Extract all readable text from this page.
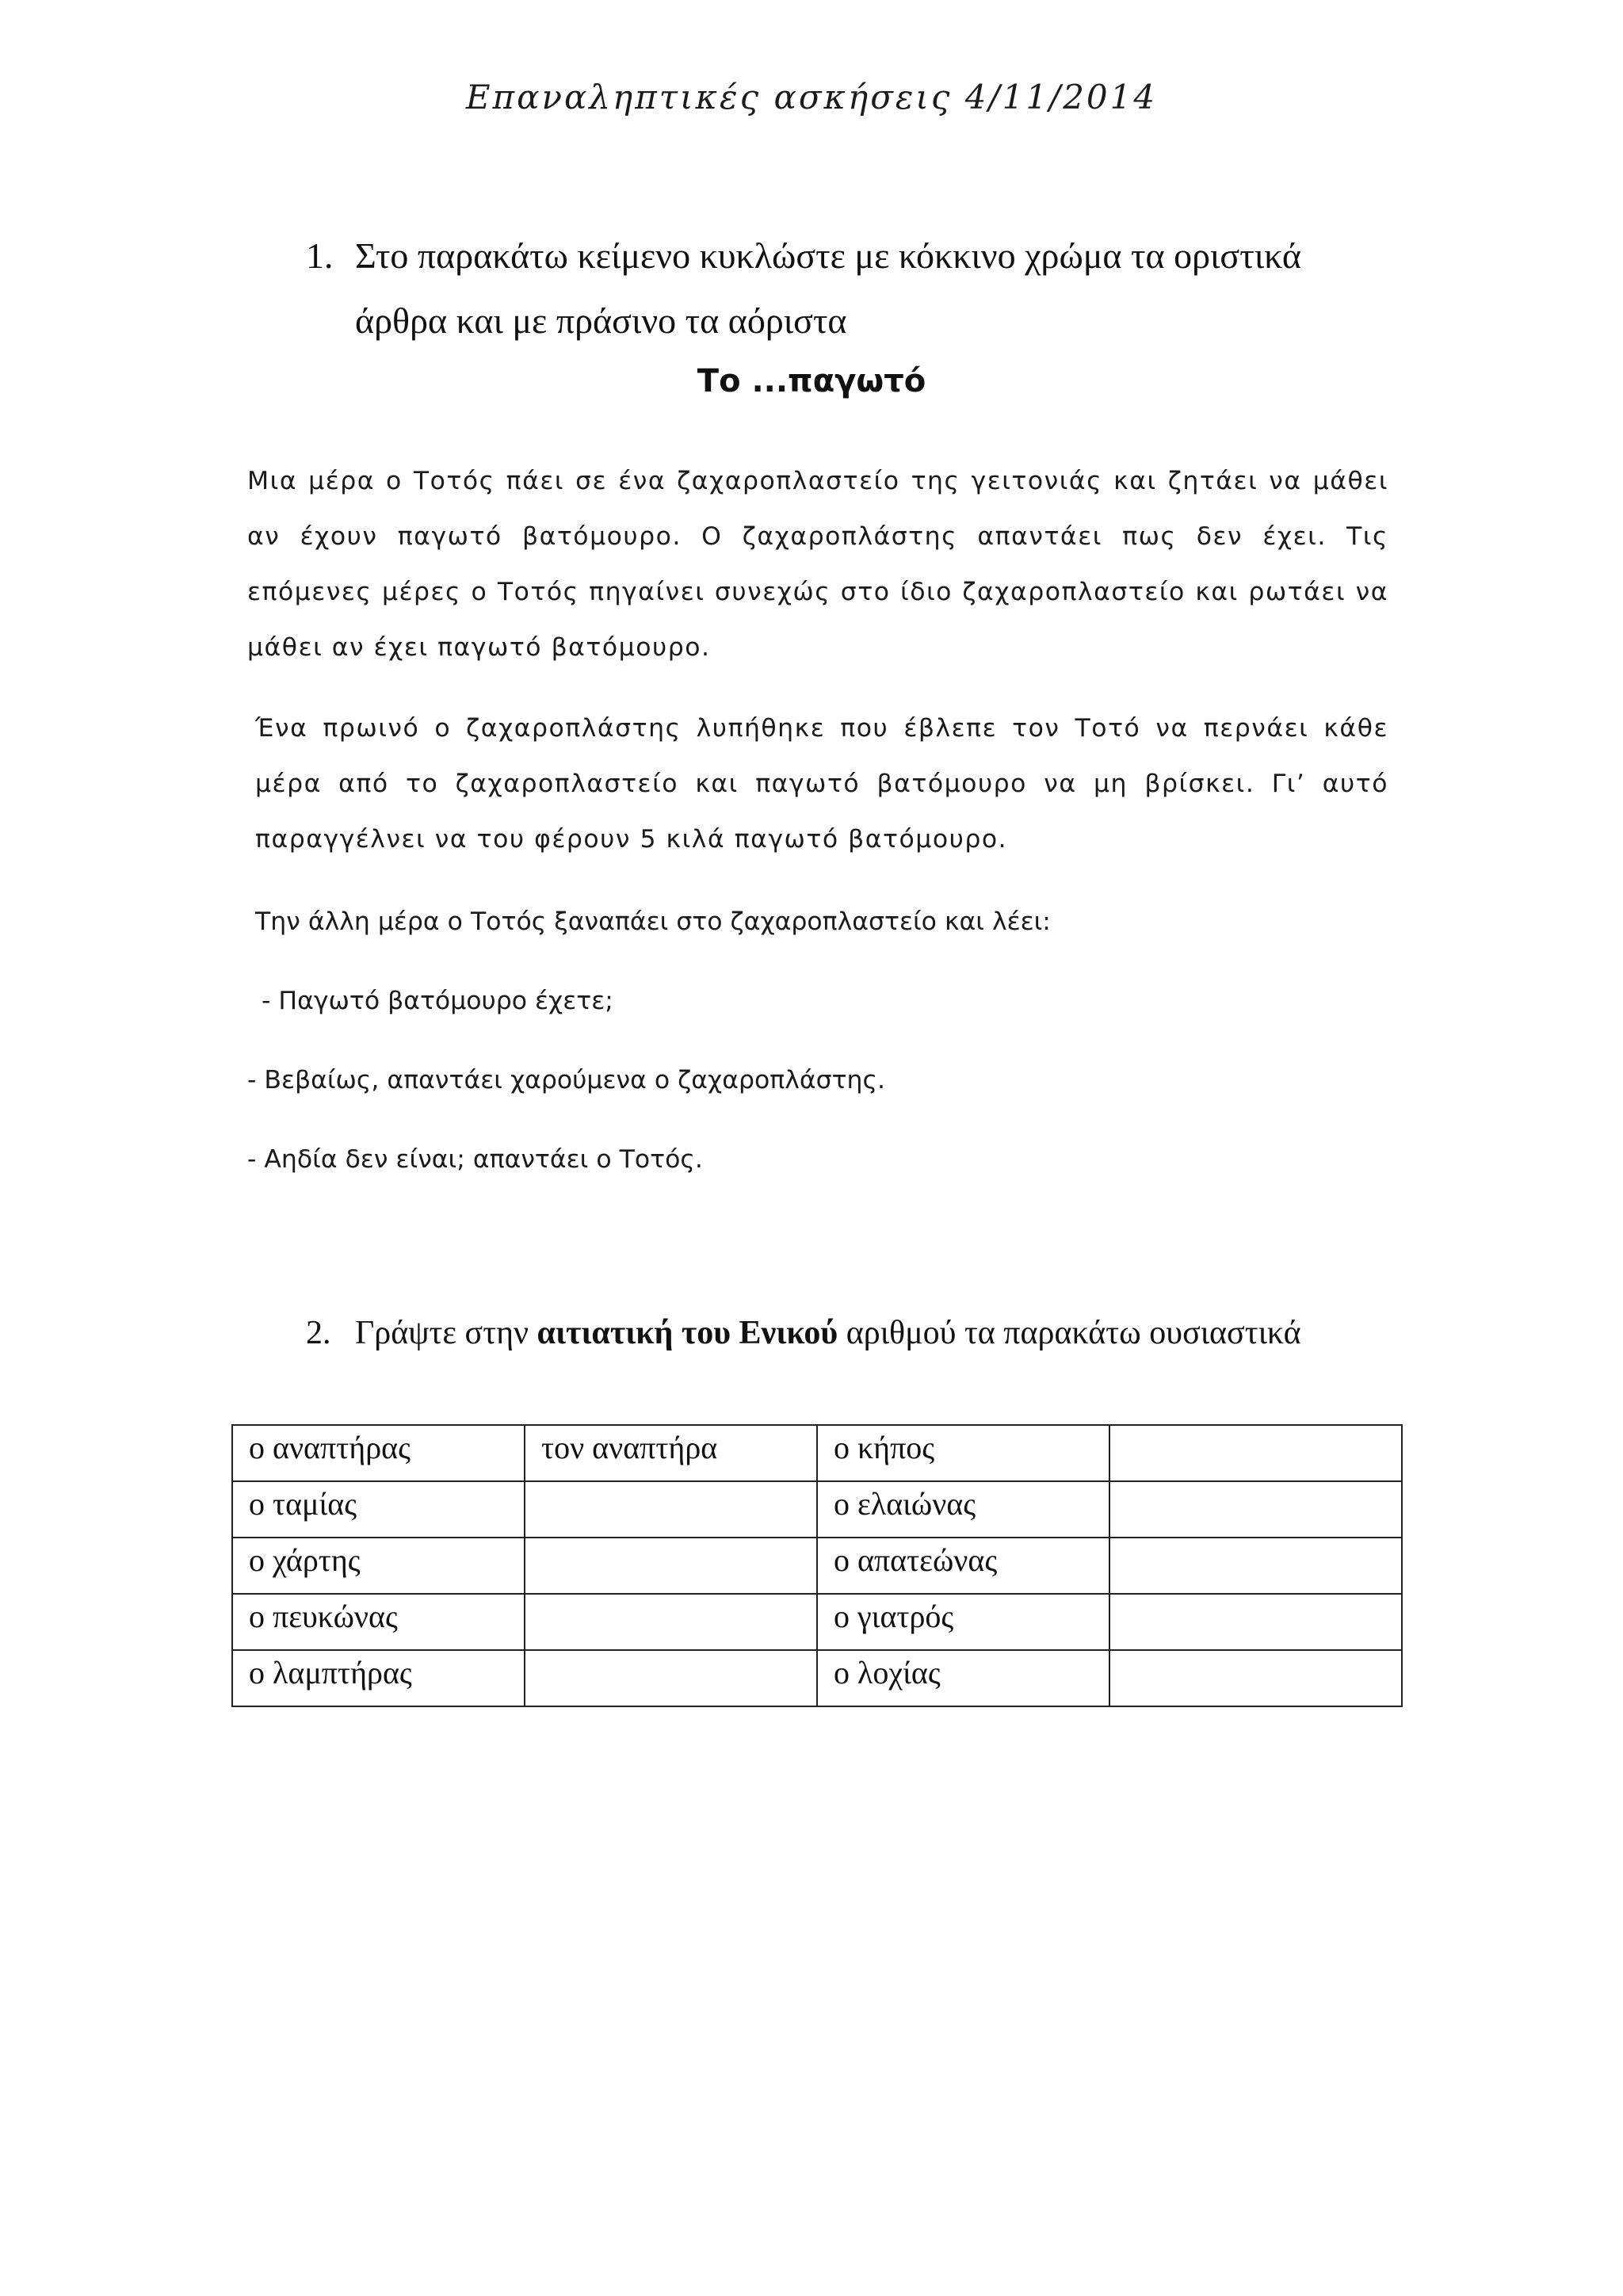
Επαναληπτικές ασκήσεις 4/11/2014
1. Στο παρακάτω κείμενο κυκλώστε με κόκκινο χρώμα τα οριστικά
άρθρα και με πράσινο τα αόριστα
Το ...παγωτό

Μια μέρα ο Τοτός πάει σε ένα ζαχαροπλαστείο της γειτονιάς και ζητάει να μάθει αν έχουν παγωτό βατόμουρο. Ο ζαχαροπλάστης απαντάει πως δεν έχει. Τις επόμενες μέρες ο Τοτός πηγαίνει συνεχώς στο ίδιο ζαχαροπλαστείο και ρωτάει να μάθει αν έχει παγωτό βατόμουρο.

Ένα πρωινό ο ζαχαροπλάστης λυπήθηκε που έβλεπε τον Τοτό να περνάει κάθε μέρα από το ζαχαροπλαστείο και παγωτό βατόμουρο να μη βρίσκει. Γι’ αυτό παραγγέλνει να του φέρουν 5 κιλά παγωτό βατόμουρο.

Την άλλη μέρα ο Τοτός ξαναπάει στο ζαχαροπλαστείο και λέει:
- Παγωτό βατόμουρο έχετε;
- Βεβαίως, απαντάει χαρούμενα ο ζαχαροπλάστης.
- Αηδία δεν είναι; απαντάει ο Τοτός.
2. Γράψτε στην αιτιατική του Ενικού αριθμού τα παρακάτω ουσιαστικά
ο αναπτήρας	τον αναπτήρα	ο κήπος	
ο ταμίας		ο ελαιώνας	
ο χάρτης		ο απατεώνας	
ο πευκώνας		ο γιατρός	
ο λαμπτήρας		ο λοχίας	
